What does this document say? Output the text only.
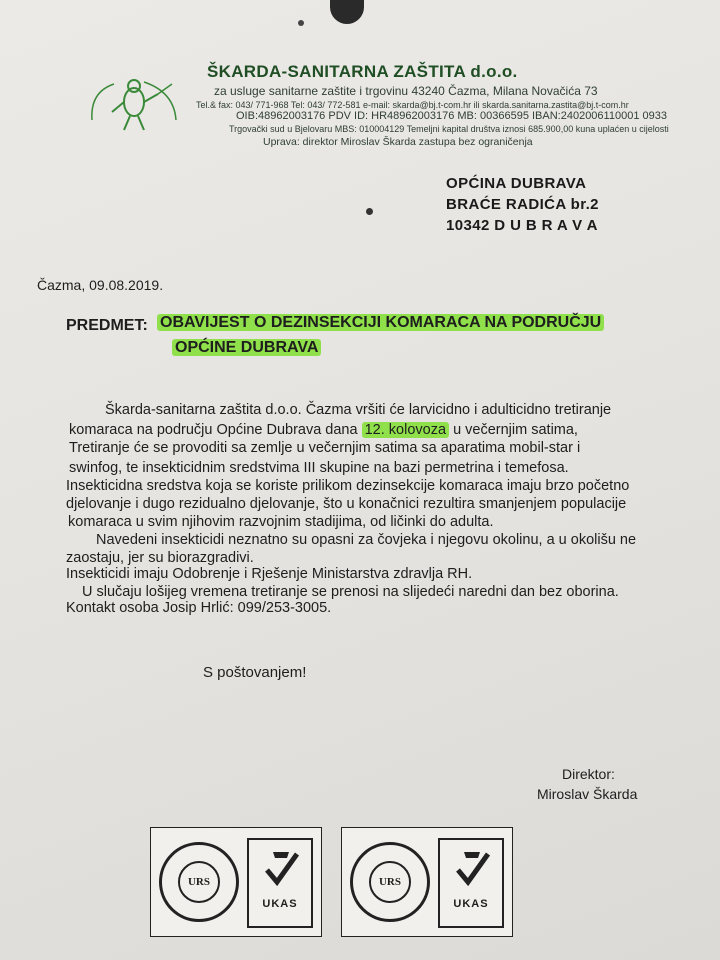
ŠKARDA-SANITARNA ZAŠTITA d.o.o.
za usluge sanitarne zaštite i trgovinu 43240 Čazma, Milana Novačića 73
Tel.& fax: 043/ 771-968 Tel: 043/ 772-581 e-mail: skarda@bj.t-com.hr ili skarda.sanitarna.zastita@bj.t-com.hr
OIB:48962003176 PDV ID: HR48962003176 MB: 00366595 IBAN:2402006110001 0933
Trgovački sud u Bjelovaru MBS: 010004129 Temeljni kapital društva iznosi 685.900,00 kuna uplaćen u cijelosti
Uprava: direktor Miroslav Škarda zastupa bez ograničenja
OPĆINA DUBRAVA
BRAĆE RADIĆA br.2
10342 D U B R A V A
Čazma, 09.08.2019.
PREDMET: OBAVIJEST O DEZINSEKCIJI KOMARACA NA PODRUČJU
OPĆINE DUBRAVA
Škarda-sanitarna zaštita d.o.o. Čazma vršiti će larvicidno i adulticidno tretiranje
komaraca na području Općine Dubrava dana 12. kolovoza u večernjim satima,
Tretiranje će se provoditi sa zemlje u večernjim satima sa aparatima mobil-star i
swinfog, te insekticidnim sredstvima III skupine na bazi permetrina i temefosa.
Insekticidna sredstva koja se koriste prilikom dezinsekcije komaraca imaju brzo početno
djelovanje i dugo rezidualno djelovanje, što u konačnici rezultira smanjenjem populacije
komaraca u svim njihovim razvojnim stadijima, od ličinki do adulta.
Navedeni insekticidi neznatno su opasni za čovjeka i njegovu okolinu, a u okolišu ne
zaostaju, jer su biorazgradivi.
Insekticidi imaju Odobrenje i Rješenje Ministarstva zdravlja RH.
U slučaju lošijeg vremena tretiranje se prenosi na slijedeći naredni dan bez oborina.
Kontakt osoba Josip Hrlić: 099/253-3005.
S poštovanjem!
Direktor:
Miroslav Škarda
URS
UKAS
URS
UKAS
